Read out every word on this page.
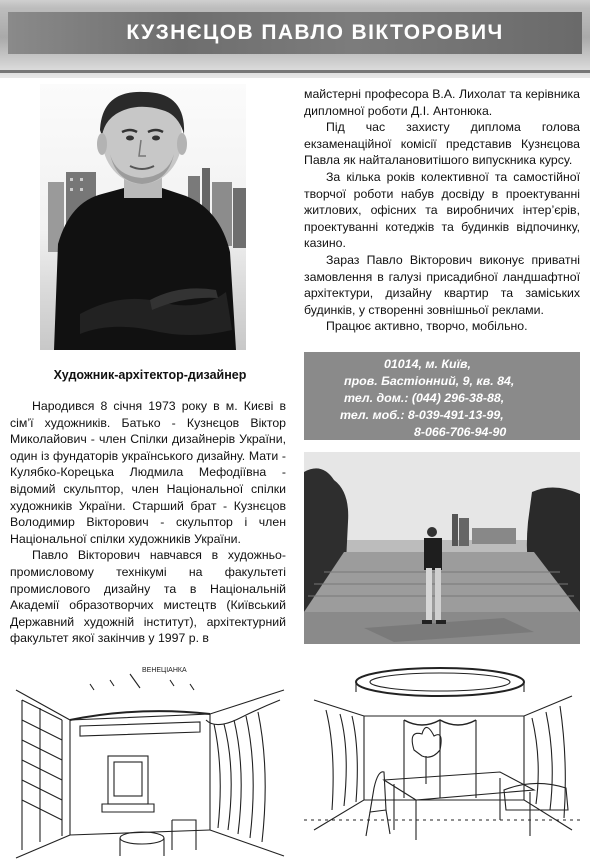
КУЗНЄЦОВ ПАВЛО ВІКТОРОВИЧ
Художник-архітектор-дизайнер

Народився 8 січня 1973 року в м. Києві в сім’ї художників. Батько - Кузнєцов Віктор Миколайович - член Спілки дизайнерів України, один із фундаторів українського дизайну. Мати - Кулябко-Корецька Людмила Мефодіївна - відомий скульптор, член Національної спілки художників України. Старший брат - Кузнєцов Володимир Вікторович - скульптор і член Національної спілки художників України.

Павло Вікторович навчався в художньо-промисловому технікумі на факультеті промислового дизайну та в Національній Академії образотворчих мистецтв (Київський Державний художній інститут), архітектурний факультет якої закінчив у 1997 р. в

майстерні професора В.А. Лихолат та керівника дипломної роботи Д.І. Антонюка.

Під час захисту диплома голова екзаменаційної комісії представив Кузнєцова Павла як найталановитішого випускника курсу.

За кілька років колективної та самостійної творчої роботи набув досвіду в проектуванні житлових, офісних та виробничих інтер’єрів, проектуванні котеджів та будинків відпочинку, казино.

Зараз Павло Вікторович виконує приватні замовлення в галузі присадибної ландшафтної архітектури, дизайну квартир та заміських будинків, у створенні зовнішньої реклами.

Працює активно, творчо, мобільно.

01014, м. Київ,
пров. Бастіонний, 9, кв. 84,
тел. дом.: (044) 296-38-88,
тел. моб.: 8-039-491-13-99,
8-066-706-94-90
ВЕНЕЦІАНКА
